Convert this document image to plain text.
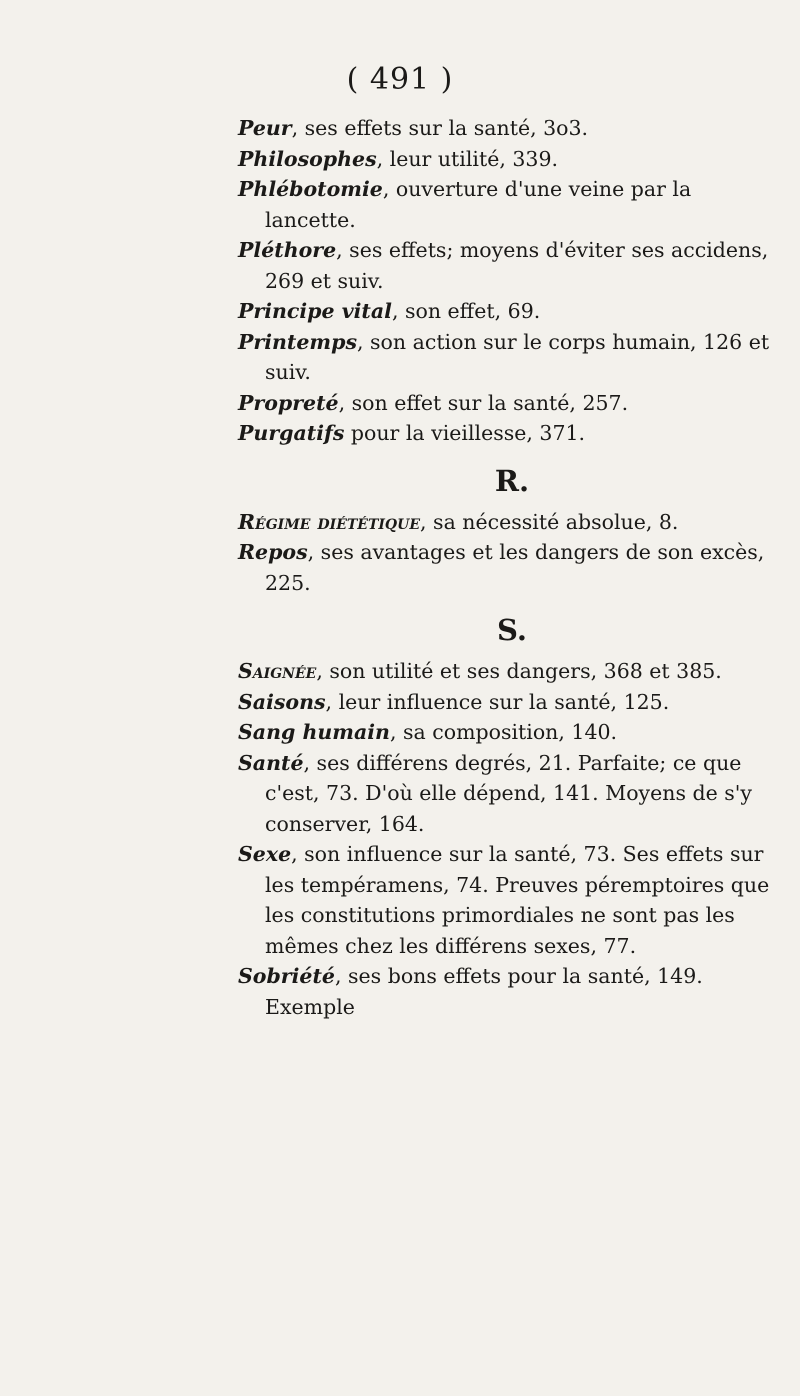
( 491 )

Peur, ses effets sur la santé, 3o3.

Philosophes, leur utilité, 339.

Phlébotomie, ouverture d'une veine par la lancette.

Pléthore, ses effets; moyens d'éviter ses accidens, 269 et suiv.

Principe vital, son effet, 69.

Printemps, son action sur le corps humain, 126 et suiv.

Propreté, son effet sur la santé, 257.

Purgatifs pour la vieillesse, 371.

R.

Régime diététique, sa nécessité absolue, 8.

Repos, ses avantages et les dangers de son excès, 225.

S.

Saignée, son utilité et ses dangers, 368 et 385.

Saisons, leur influence sur la santé, 125.

Sang humain, sa composition, 140.

Santé, ses différens degrés, 21. Parfaite; ce que c'est, 73. D'où elle dépend, 141. Moyens de s'y conserver, 164.

Sexe, son influence sur la santé, 73. Ses effets sur les tempéramens, 74. Preuves péremptoires que les constitutions primordiales ne sont pas les mêmes chez les différens sexes, 77.

Sobriété, ses bons effets pour la santé, 149. Exemple
